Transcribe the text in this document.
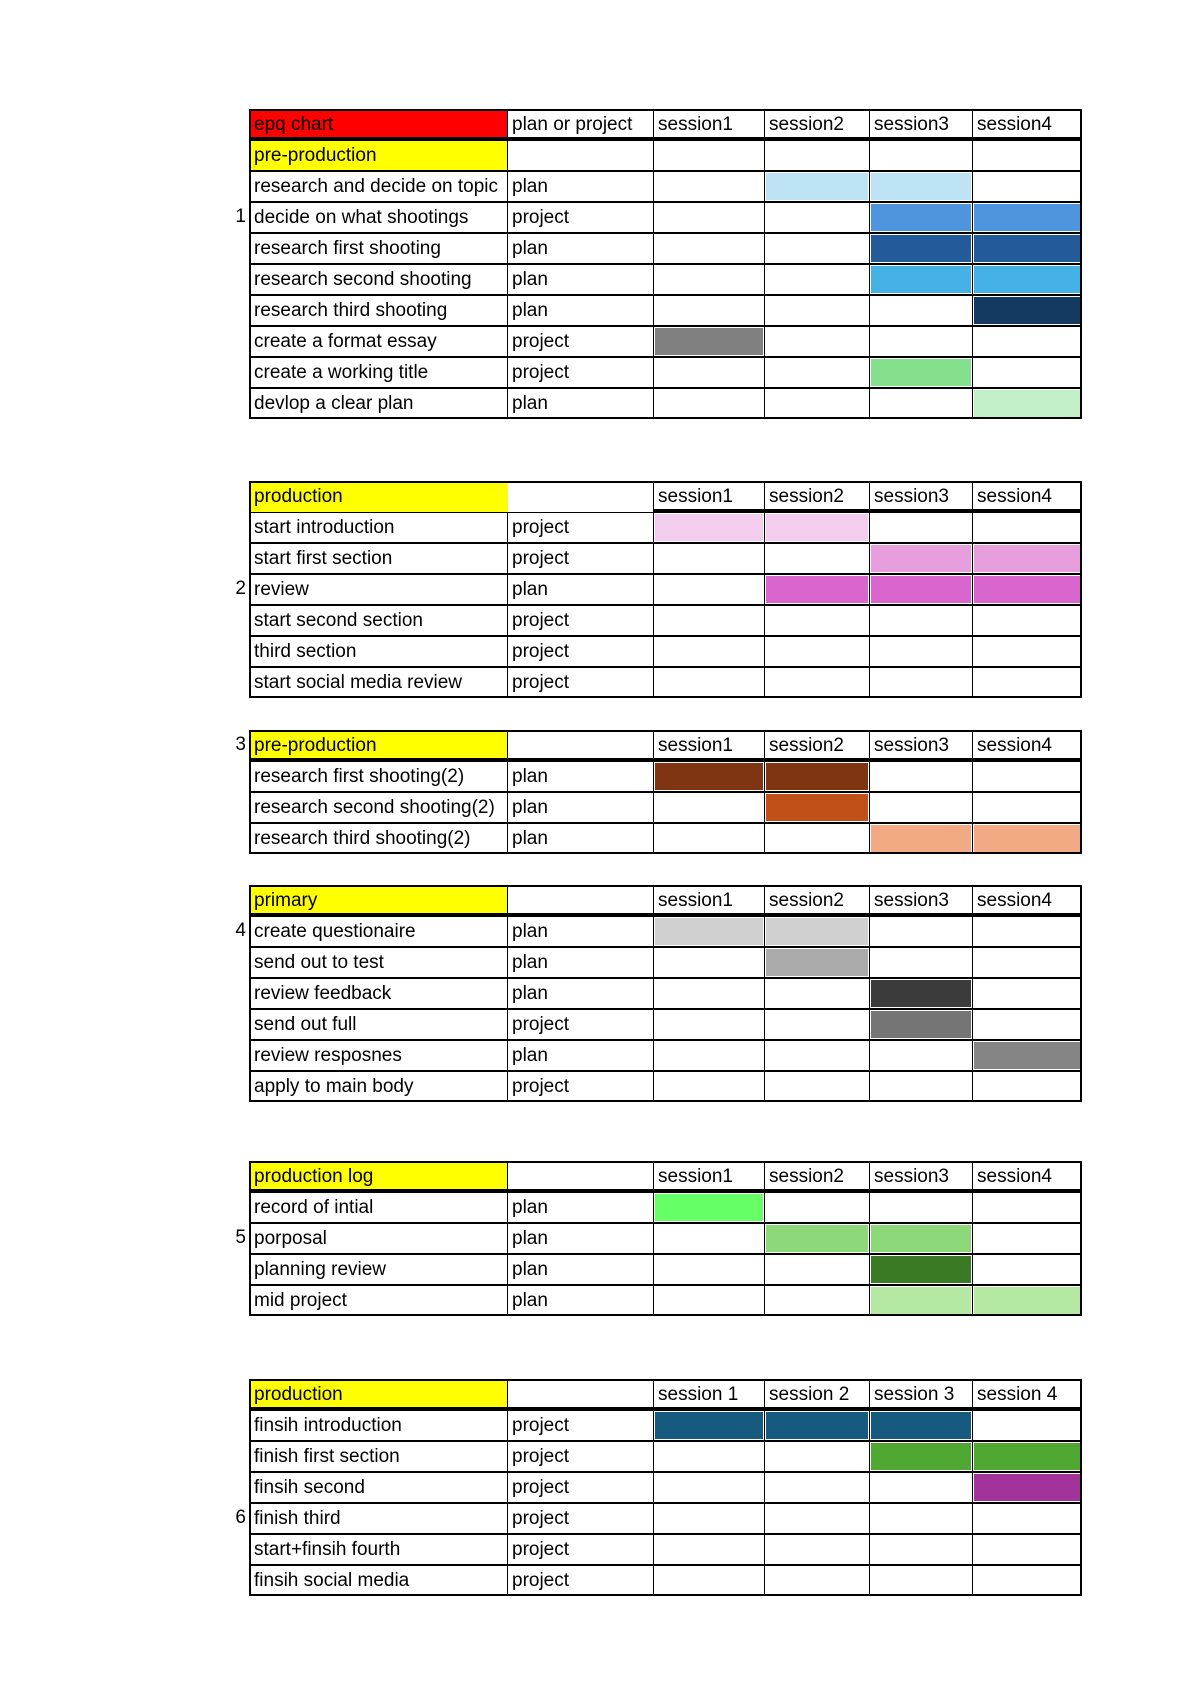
epq chart	plan or project	session1	session2	session3	session4
pre-production
research and decide on topic plan
decide on what shootings	project
1
research first shooting	plan
research second shooting	plan
research third shooting	plan
create a format essay	project
create a working title	project
devlop a clear plan	plan
production	session1	session2	session3	session4
start introduction	project
start first section	project
review	plan
2
start second section	project
third section	project
start social media review	project
pre-production	session1	session2	session3	session4
3
research first shooting(2)	plan
research second shooting(2) plan
research third shooting(2)	plan
primary	session1	session2	session3	session4
create questionaire	plan
4
send out to test	plan
review feedback	plan
send out full	project
review resposnes	plan
apply to main body	project
production log	session1	session2	session3	session4
record of intial	plan
porposal	plan
5
planning review	plan
mid project	plan
production	session 1	session 2	session 3	session 4
finsih introduction	project
finish first section	project
finsih second	project
finish third	project
6
start+finsih fourth	project
finsih social media	project
